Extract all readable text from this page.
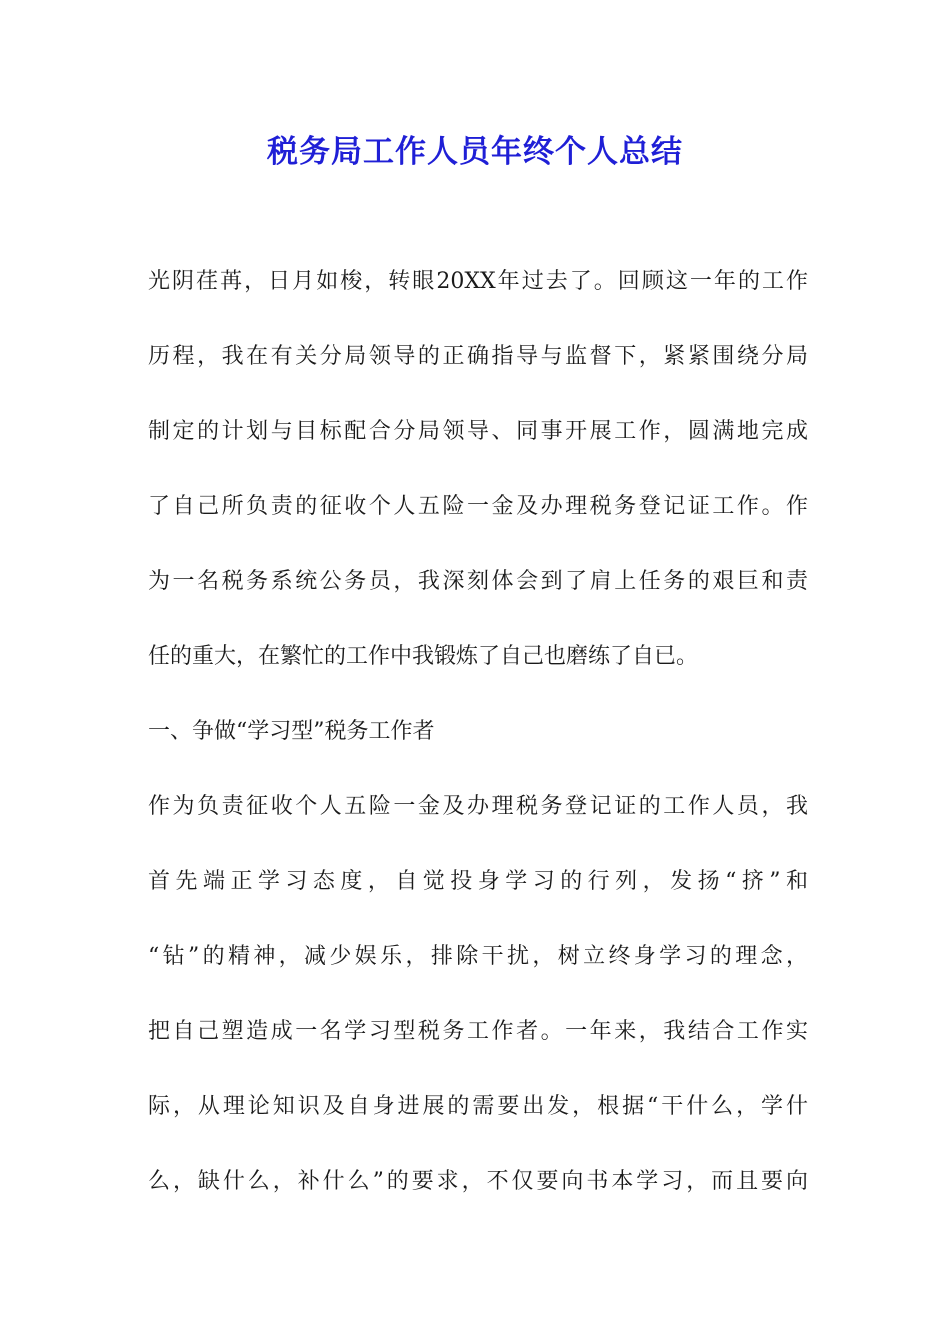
税务局工作人员年终个人总结
光阴荏苒，日月如梭，转眼20XX年过去了。回顾这一年的工作
历程，我在有关分局领导的正确指导与监督下，紧紧围绕分局
制定的计划与目标配合分局领导、同事开展工作，圆满地完成
了自己所负责的征收个人五险一金及办理税务登记证工作。作
为一名税务系统公务员，我深刻体会到了肩上任务的艰巨和责
任的重大，在繁忙的工作中我锻炼了自己也磨练了自已。
一、争做“学习型”税务工作者
作为负责征收个人五险一金及办理税务登记证的工作人员，我
首先端正学习态度，自觉投身学习的行列，发扬“挤”和
“钻”的精神，减少娱乐，排除干扰，树立终身学习的理念，
把自己塑造成一名学习型税务工作者。一年来，我结合工作实
际，从理论知识及自身进展的需要出发，根据“干什么，学什
么，缺什么，补什么”的要求，不仅要向书本学习，而且要向
